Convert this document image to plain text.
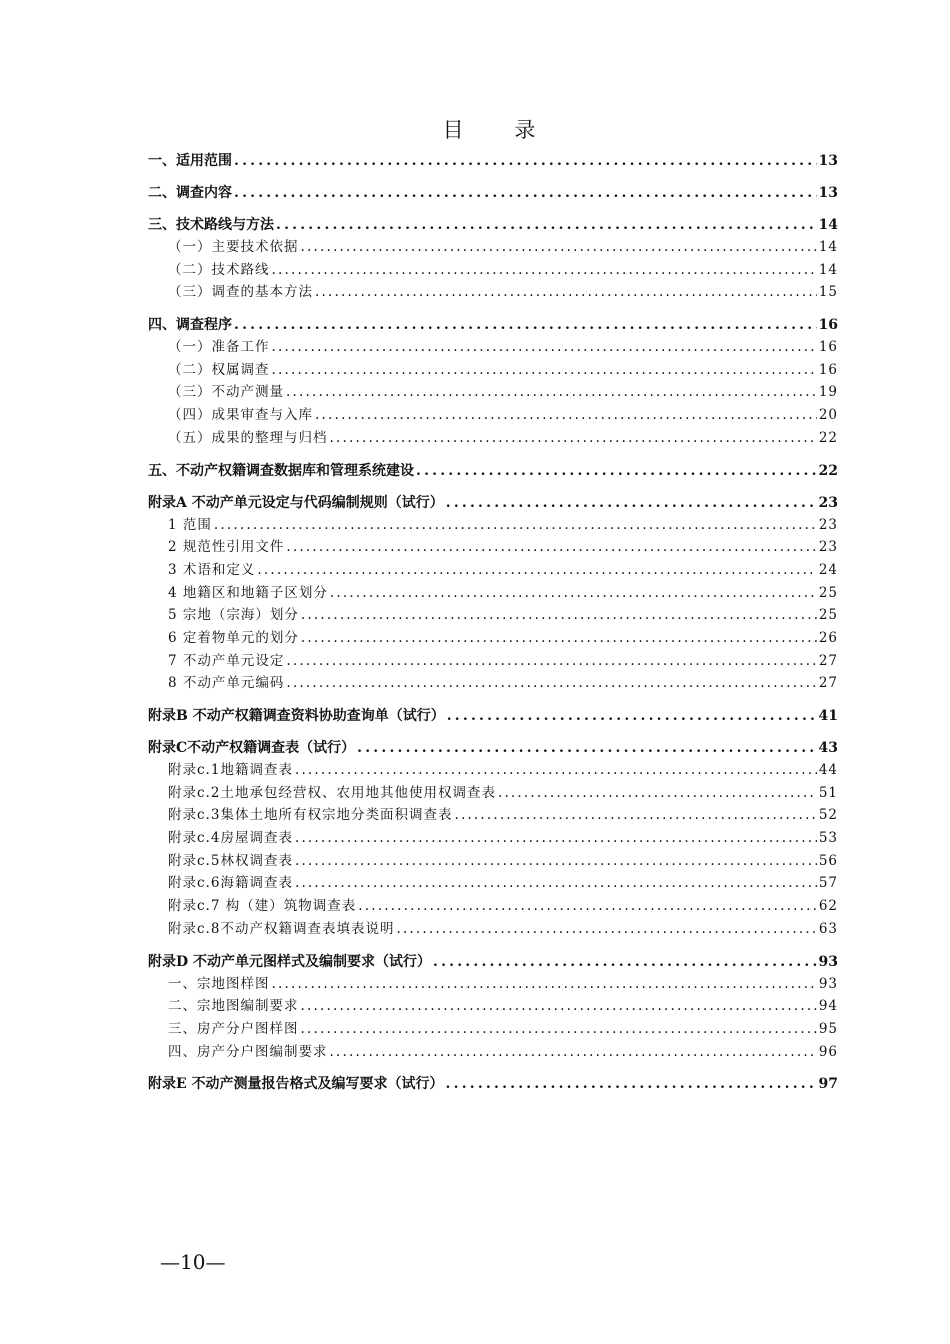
目 录
一、适用范围 .....	13
二、调查内容 .....	13
三、技术路线与方法 .....	14
（一）主要技术依据 .....	14
（二）技术路线 .....	14
（三）调查的基本方法 .....	15
四、调查程序 .....	16
（一）准备工作 .....	16
（二）权属调查 .....	16
（三）不动产测量 .....	19
（四）成果审查与入库 .....	20
（五）成果的整理与归档 .....	22
五、不动产权籍调查数据库和管理系统建设 .....	22
附录A 不动产单元设定与代码编制规则（试行） .....	23
1 范围 .....	23
2 规范性引用文件 .....	23
3 术语和定义 .....	24
4 地籍区和地籍子区划分 .....	25
5 宗地（宗海）划分 .....	25
6 定着物单元的划分 .....	26
7 不动产单元设定 .....	27
8 不动产单元编码 .....	27
附录B 不动产权籍调查资料协助查询单（试行） .....	41
附录C不动产权籍调查表（试行） .....	43
附录c.1地籍调查表 .....	44
附录c.2土地承包经营权、农用地其他使用权调查表 .....	51
附录c.3集体土地所有权宗地分类面积调查表 .....	52
附录c.4房屋调查表 .....	53
附录c.5林权调查表 .....	56
附录c.6海籍调查表 .....	57
附录c.7 构（建）筑物调查表 .....	62
附录c.8不动产权籍调查表填表说明 .....	63
附录D 不动产单元图样式及编制要求（试行） .....	93
一、宗地图样图 .....	93
二、宗地图编制要求 .....	94
三、房产分户图样图 .....	95
四、房产分户图编制要求 .....	96
附录E 不动产测量报告格式及编写要求（试行） .....	97
—10—
